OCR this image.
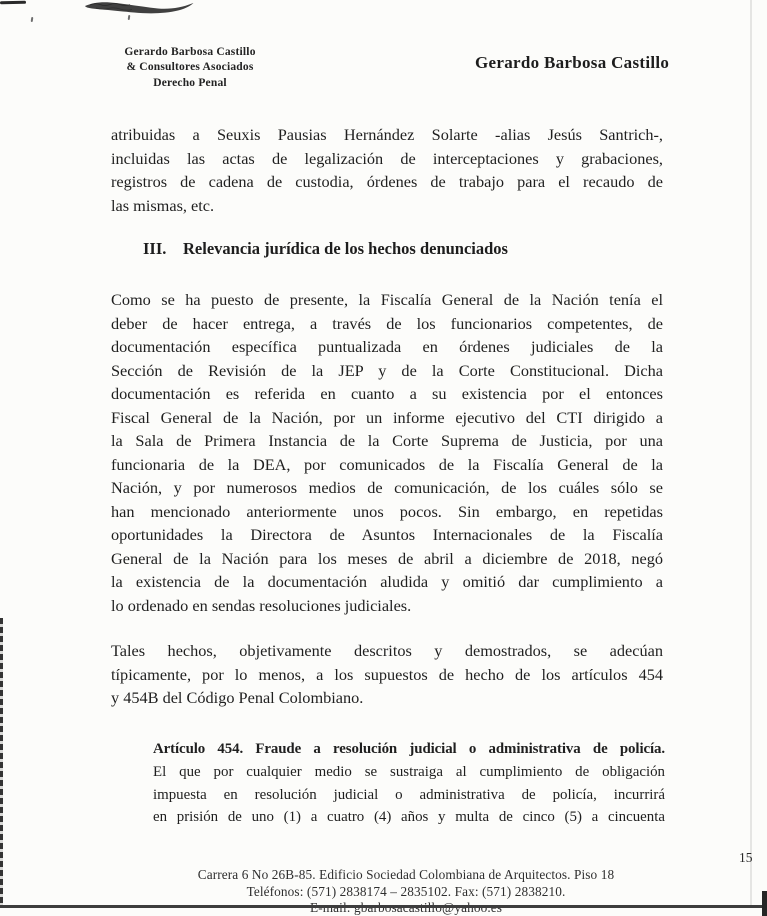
Gerardo Barbosa Castillo
& Consultores Asociados
Derecho Penal
Gerardo Barbosa Castillo
atribuidas a Seuxis Pausias Hernández Solarte -alias Jesús Santrich-,
incluidas las actas de legalización de interceptaciones y grabaciones,
registros de cadena de custodia, órdenes de trabajo para el recaudo de
las mismas, etc.
III.	Relevancia jurídica de los hechos denunciados
Como se ha puesto de presente, la Fiscalía General de la Nación tenía el
deber de hacer entrega, a través de los funcionarios competentes, de
documentación específica puntualizada en órdenes judiciales de la
Sección de Revisión de la JEP y de la Corte Constitucional. Dicha
documentación es referida en cuanto a su existencia por el entonces
Fiscal General de la Nación, por un informe ejecutivo del CTI dirigido a
la Sala de Primera Instancia de la Corte Suprema de Justicia, por una
funcionaria de la DEA, por comunicados de la Fiscalía General de la
Nación, y por numerosos medios de comunicación, de los cuáles sólo se
han mencionado anteriormente unos pocos. Sin embargo, en repetidas
oportunidades la Directora de Asuntos Internacionales de la Fiscalía
General de la Nación para los meses de abril a diciembre de 2018, negó
la existencia de la documentación aludida y omitió dar cumplimiento a
lo ordenado en sendas resoluciones judiciales.
Tales hechos, objetivamente descritos y demostrados, se adecúan
típicamente, por lo menos, a los supuestos de hecho de los artículos 454
y 454B del Código Penal Colombiano.
Artículo 454. Fraude a resolución judicial o administrativa de policía.
El que por cualquier medio se sustraiga al cumplimiento de obligación
impuesta en resolución judicial o administrativa de policía, incurrirá
en prisión de uno (1) a cuatro (4) años y multa de cinco (5) a cincuenta
15
Carrera 6 No 26B-85. Edificio Sociedad Colombiana de Arquitectos. Piso 18
Teléfonos: (571) 2838174 – 2835102. Fax: (571) 2838210.
